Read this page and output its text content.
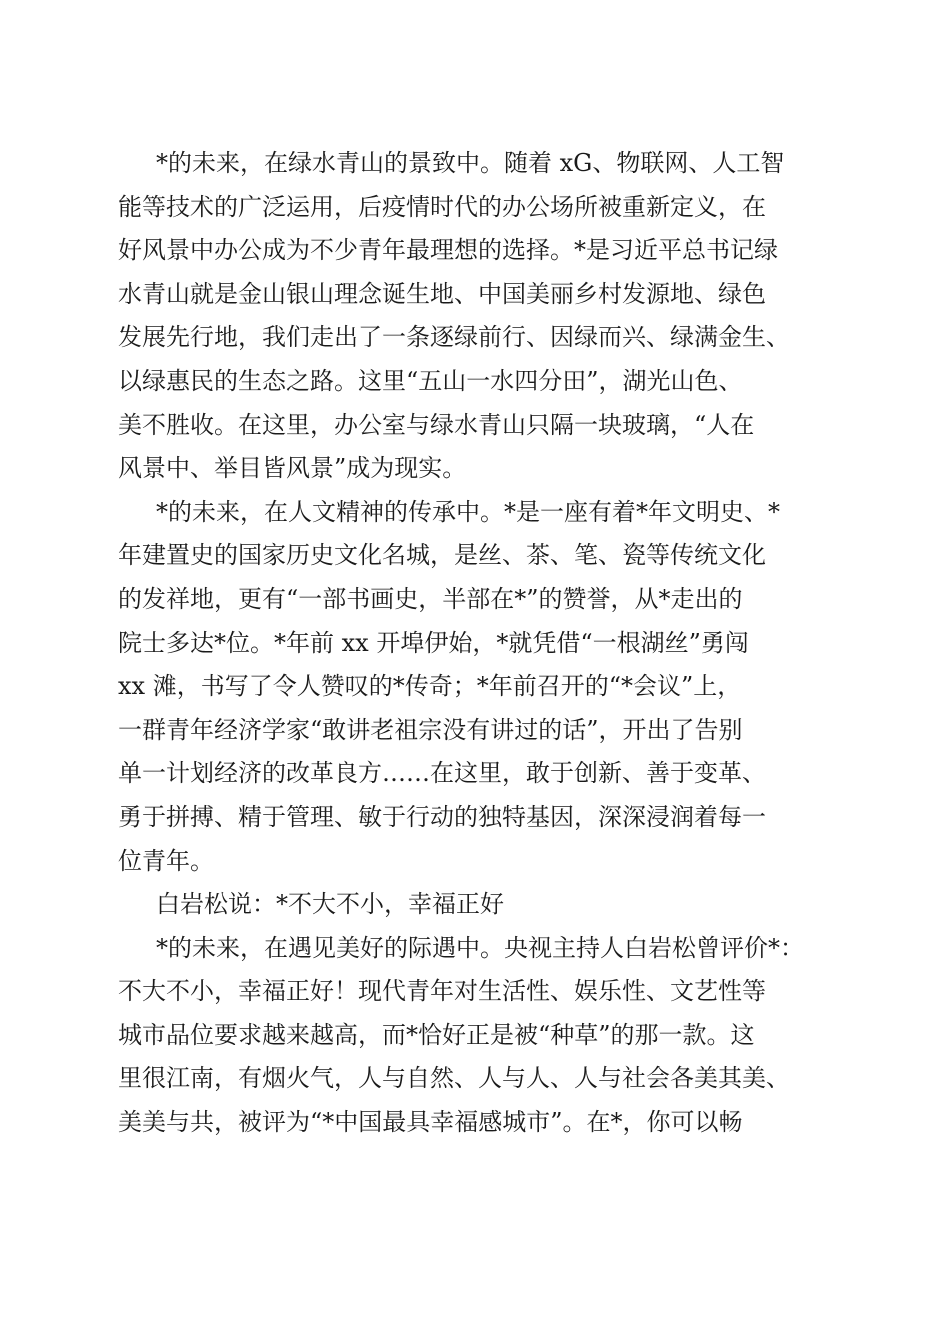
*的未来，在绿水青山的景致中。随着 xG、物联网、人工智
能等技术的广泛运用，后疫情时代的办公场所被重新定义，在
好风景中办公成为不少青年最理想的选择。*是习近平总书记绿
水青山就是金山银山理念诞生地、中国美丽乡村发源地、绿色
发展先行地，我们走出了一条逐绿前行、因绿而兴、绿满金生、
以绿惠民的生态之路。这里“五山一水四分田”，湖光山色、
美不胜收。在这里，办公室与绿水青山只隔一块玻璃，“人在
风景中、举目皆风景”成为现实。
*的未来，在人文精神的传承中。*是一座有着*年文明史、*
年建置史的国家历史文化名城，是丝、茶、笔、瓷等传统文化
的发祥地，更有“一部书画史，半部在*”的赞誉，从*走出的
院士多达*位。*年前 xx 开埠伊始，*就凭借“一根湖丝”勇闯
xx 滩，书写了令人赞叹的*传奇；*年前召开的“*会议”上，
一群青年经济学家“敢讲老祖宗没有讲过的话”，开出了告别
单一计划经济的改革良方……在这里，敢于创新、善于变革、
勇于拼搏、精于管理、敏于行动的独特基因，深深浸润着每一
位青年。
白岩松说：*不大不小，幸福正好
*的未来，在遇见美好的际遇中。央视主持人白岩松曾评价*：
不大不小，幸福正好！现代青年对生活性、娱乐性、文艺性等
城市品位要求越来越高，而*恰好正是被“种草”的那一款。这
里很江南，有烟火气，人与自然、人与人、人与社会各美其美、
美美与共，被评为“*中国最具幸福感城市”。在*，你可以畅
